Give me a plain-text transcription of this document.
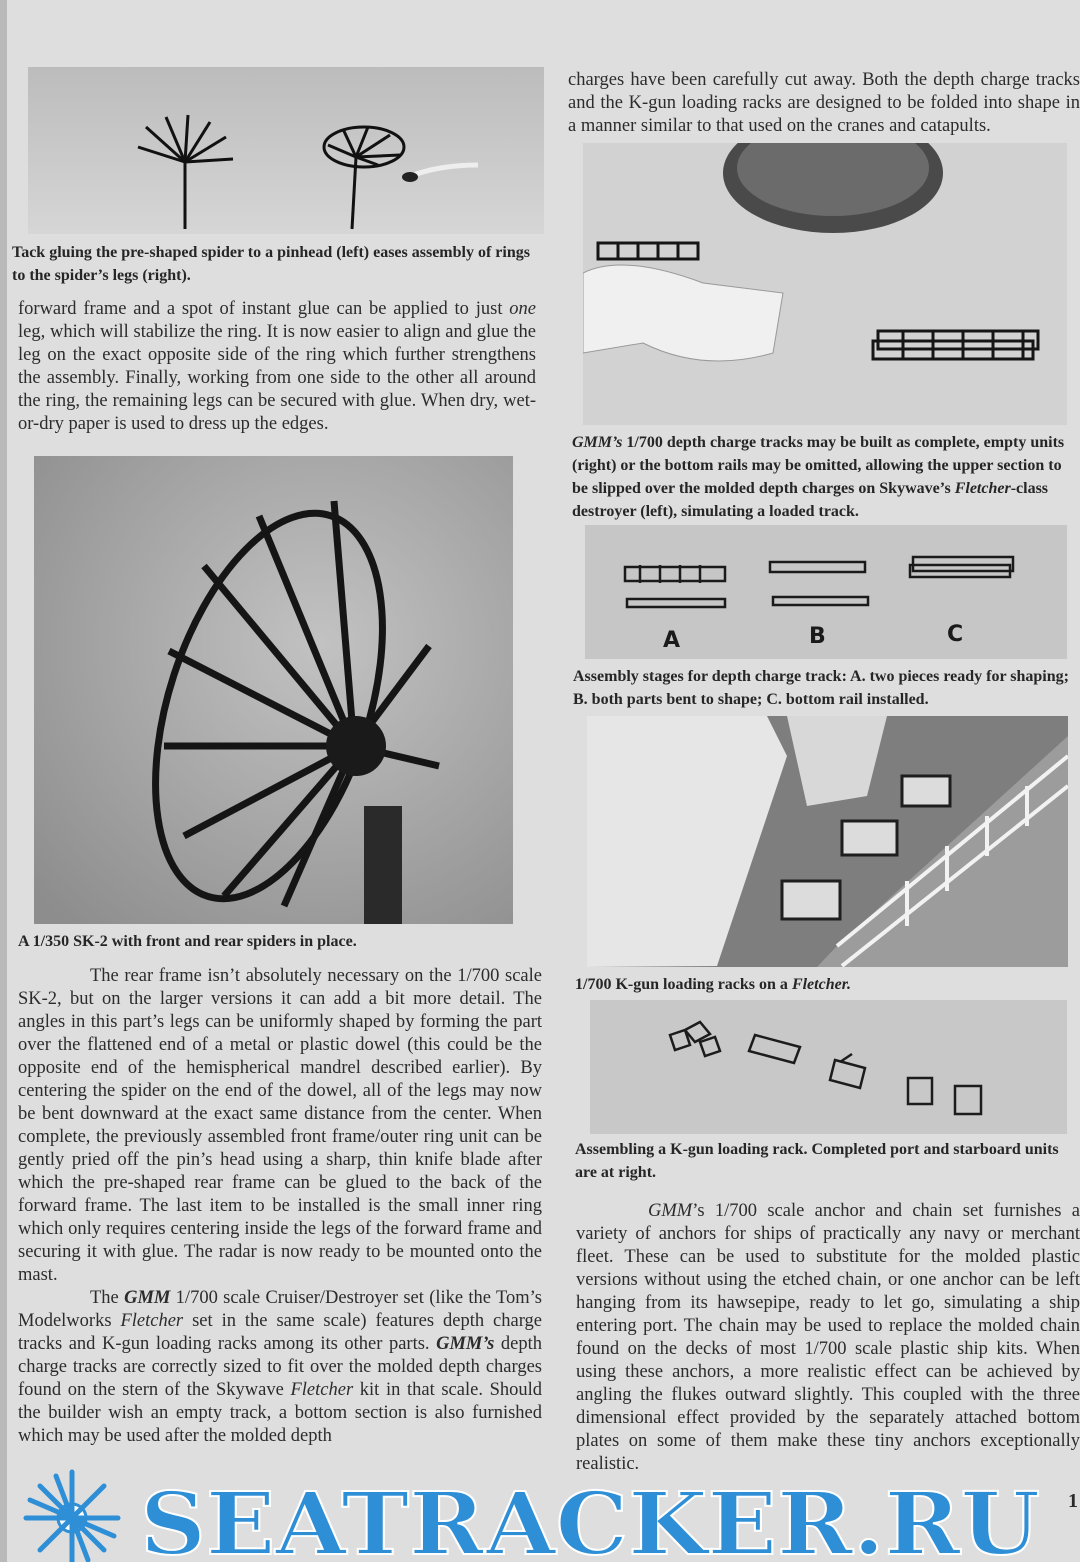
Tack gluing the pre-shaped spider to a pinhead (left) eases assembly of rings to the spider’s legs (right).

forward frame and a spot of instant glue can be applied to just one leg, which will stabilize the ring. It is now easier to align and glue the leg on the exact opposite side of the ring which further strengthens the assembly. Finally, working from one side to the other all around the ring, the remaining legs can be secured with glue. When dry, wet-or-dry paper is used to dress up the edges.

A 1/350 SK-2 with front and rear spiders in place.

The rear frame isn’t absolutely necessary on the 1/700 scale SK-2, but on the larger versions it can add a bit more detail. The angles in this part’s legs can be uniformly shaped by forming the part over the flattened end of a metal or plastic dowel (this could be the opposite end of the hemispherical mandrel described earlier). By centering the spider on the end of the dowel, all of the legs may now be bent downward at the exact same distance from the center. When complete, the previously assembled front frame/outer ring unit can be gently pried off the pin’s head using a sharp, thin knife blade after which the pre-shaped rear frame can be glued to the back of the forward frame. The last item to be installed is the small inner ring which only requires centering inside the legs of the forward frame and securing it with glue. The radar is now ready to be mounted onto the mast.

The GMM 1/700 scale Cruiser/Destroyer set (like the Tom’s Modelworks Fletcher set in the same scale) features depth charge tracks and K-gun loading racks among its other parts. GMM’s depth charge tracks are correctly sized to fit over the molded depth charges found on the stern of the Skywave Fletcher kit in that scale. Should the builder wish an empty track, a bottom section is also furnished which may be used after the molded depth

charges have been carefully cut away. Both the depth charge tracks and the K-gun loading racks are designed to be folded into shape in a manner similar to that used on the cranes and catapults.

GMM’s 1/700 depth charge tracks may be built as complete, empty units (right) or the bottom rails may be omitted, allowing the upper section to be slipped over the molded depth charges on Skywave’s Fletcher-class destroyer (left), simulating a loaded track.
A	B	C
Assembly stages for depth charge track: A. two pieces ready for shaping; B. both parts bent to shape; C. bottom rail installed.
1/700 K-gun loading racks on a Fletcher.
Assembling a K-gun loading rack. Completed port and starboard units are at right.

GMM’s 1/700 scale anchor and chain set furnishes a variety of anchors for ships of practically any navy or merchant fleet. These can be used to substitute for the molded plastic versions without using the etched chain, or one anchor can be left hanging from its hawsepipe, ready to let go, simulating a ship entering port. The chain may be used to replace the molded chain found on the decks of most 1/700 scale plastic ship kits. When using these anchors, a more realistic effect can be achieved by angling the flukes outward slightly. This coupled with the three dimensional effect provided by the separately attached bottom plates on some of them make these tiny anchors exceptionally realistic.

1
SEATRACKER.RU
